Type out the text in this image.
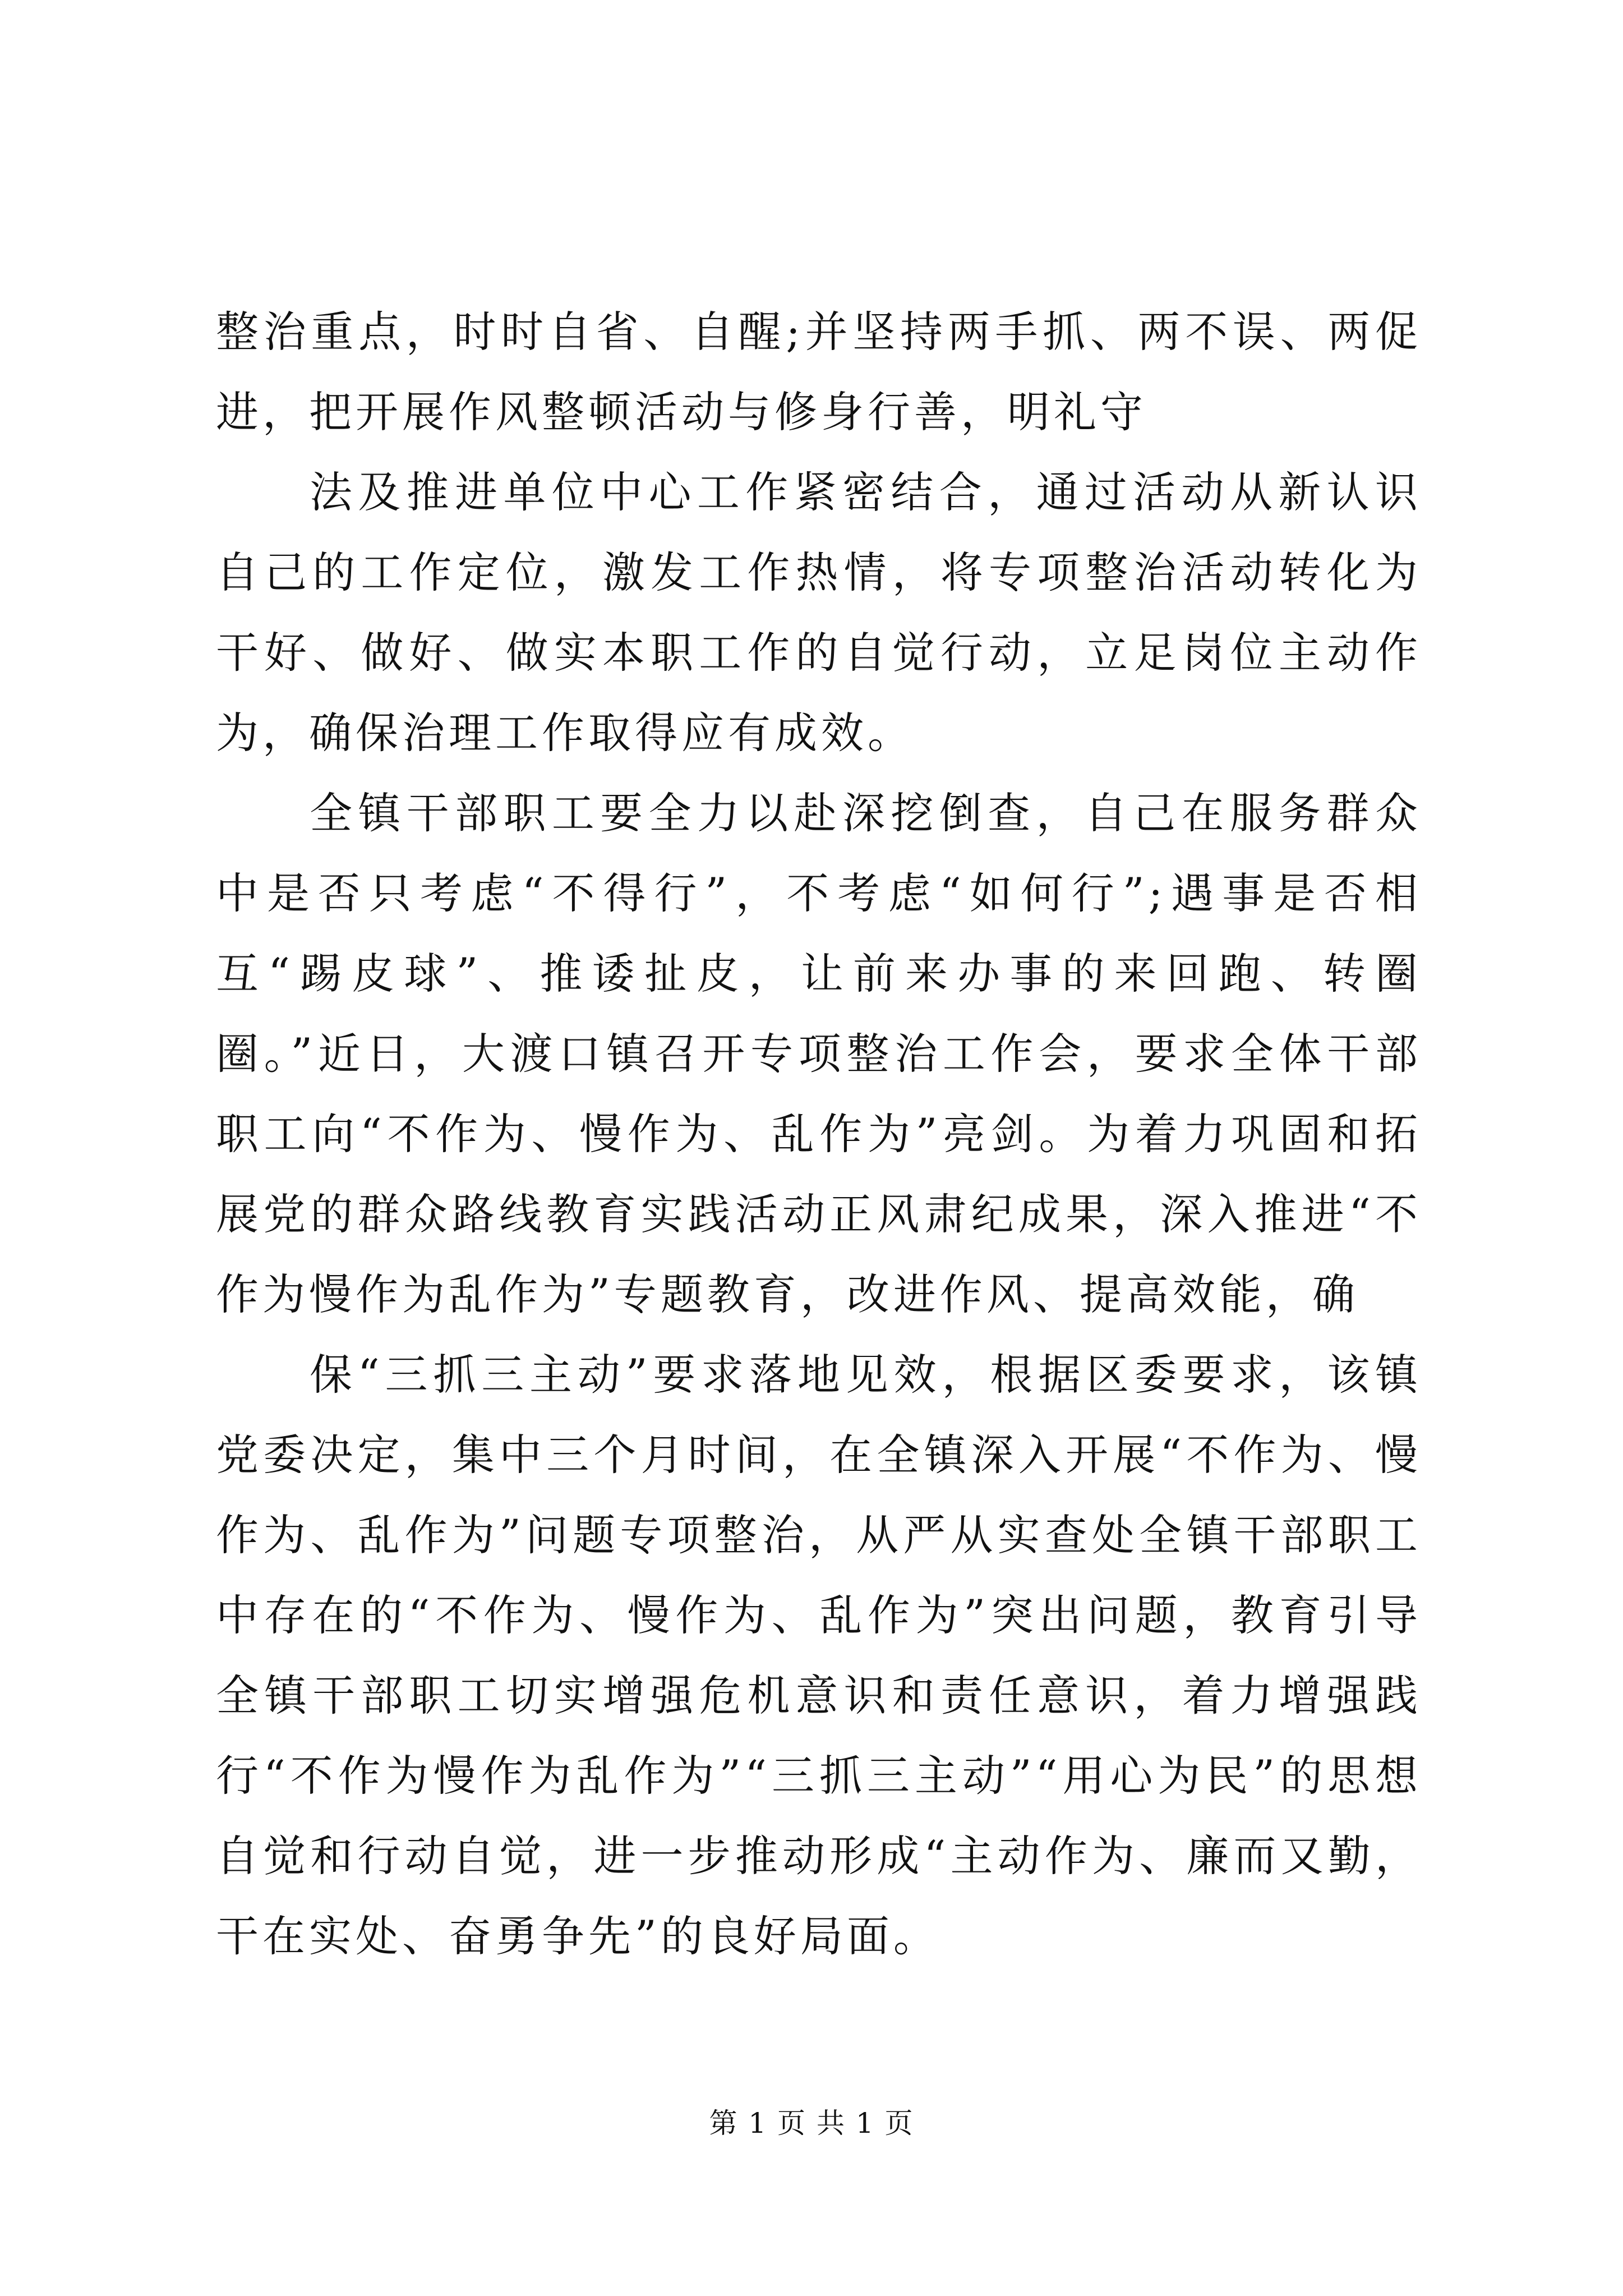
整治重点，时时自省、自醒;并坚持两手抓、两不误、两促进，把开展作风整顿活动与修身行善，明礼守

法及推进单位中心工作紧密结合，通过活动从新认识自己的工作定位，激发工作热情，将专项整治活动转化为干好、做好、做实本职工作的自觉行动，立足岗位主动作为，确保治理工作取得应有成效。

全镇干部职工要全力以赴深挖倒查，自己在服务群众中是否只考虑“不得行”，不考虑“如何行”;遇事是否相互“踢皮球”、推诿扯皮，让前来办事的来回跑、转圈圈。”近日，大渡口镇召开专项整治工作会，要求全体干部职工向“不作为、慢作为、乱作为”亮剑。为着力巩固和拓展党的群众路线教育实践活动正风肃纪成果，深入推进“不作为慢作为乱作为”专题教育，改进作风、提高效能，确

保“三抓三主动”要求落地见效，根据区委要求，该镇党委决定，集中三个月时间，在全镇深入开展“不作为、慢作为、乱作为”问题专项整治，从严从实查处全镇干部职工中存在的“不作为、慢作为、乱作为”突出问题，教育引导全镇干部职工切实增强危机意识和责任意识，着力增强践行“不作为慢作为乱作为”“三抓三主动”“用心为民”的思想自觉和行动自觉，进一步推动形成“主动作为、廉而又勤，干在实处、奋勇争先”的良好局面。

第 1 页 共 1 页
